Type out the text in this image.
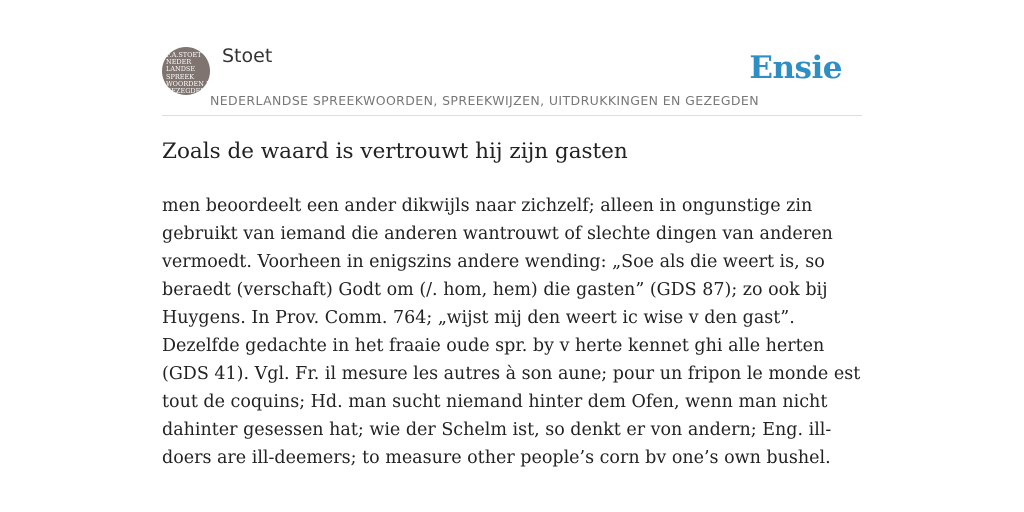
F.A.STOET
NEDER
LANDSE
SPREEK
WOORDEN EN
GEZEGDEN
Stoet	Ensie
NEDERLANDSE SPREEKWOORDEN, SPREEKWIJZEN, UITDRUKKINGEN EN GEZEGDEN
Zoals de waard is vertrouwt hij zijn gasten

men beoordeelt een ander dikwijls naar zichzelf; alleen in ongunstige zin gebruikt van iemand die anderen wantrouwt of slechte dingen van anderen vermoedt. Voorheen in enigszins andere wending: „Soe als die weert is, so beraedt (verschaft) Godt om (/. hom, hem) die gasten” (GDS 87); zo ook bij Huygens. In Prov. Comm. 764; „wijst mij den weert ic wise v den gast”. Dezelfde gedachte in het fraaie oude spr. by v herte kennet ghi alle herten (GDS 41). Vgl. Fr. il mesure les autres à son aune; pour un fripon le monde est tout de coquins; Hd. man sucht niemand hinter dem Ofen, wenn man nicht dahinter gesessen hat; wie der Schelm ist, so denkt er von andern; Eng. ill-doers are ill-deemers; to measure other people’s corn bv one’s own bushel.
